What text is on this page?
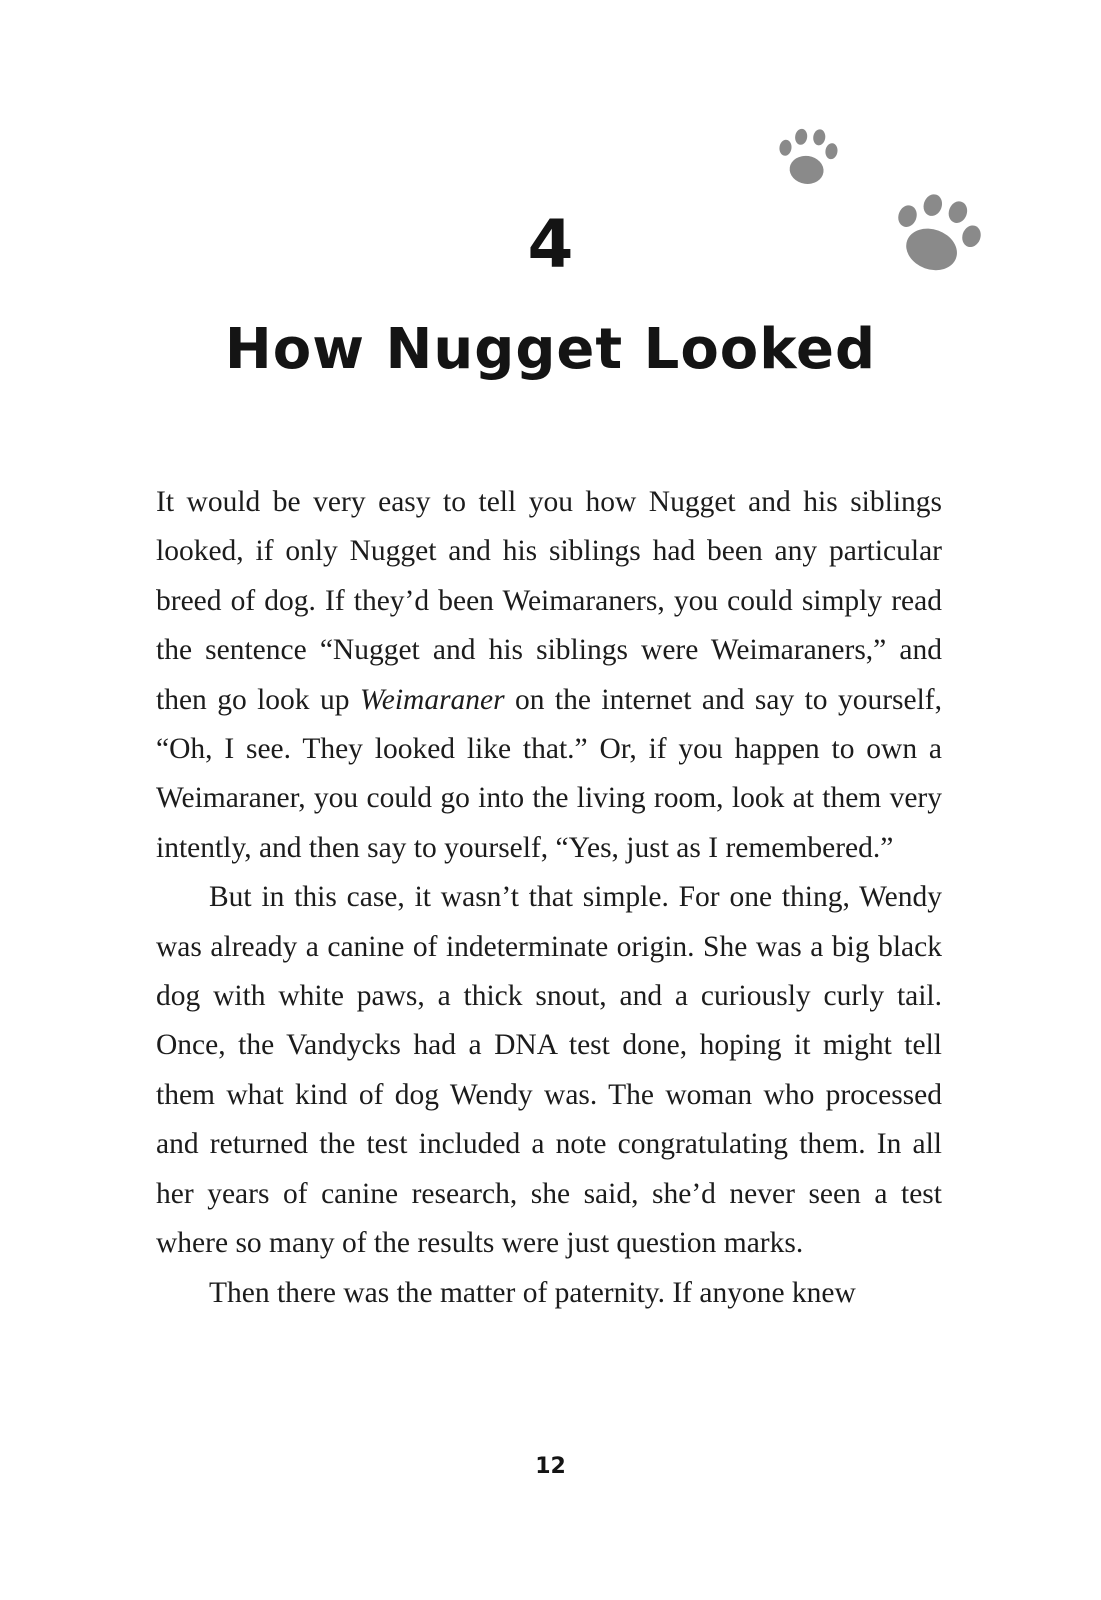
4
How Nugget Looked

It would be very easy to tell you how Nugget and his siblings looked, if only Nugget and his siblings had been any particular breed of dog. If they’d been Weimaraners, you could simply read the sentence “Nugget and his siblings were Weimaraners,” and then go look up Weimaraner on the internet and say to yourself, “Oh, I see. They looked like that.” Or, if you happen to own a Weimaraner, you could go into the living room, look at them very intently, and then say to yourself, “Yes, just as I remembered.”

But in this case, it wasn’t that simple. For one thing, Wendy was already a canine of indeterminate origin. She was a big black dog with white paws, a thick snout, and a curiously curly tail. Once, the Vandycks had a DNA test done, hoping it might tell them what kind of dog Wendy was. The woman who processed and returned the test included a note congratulating them. In all her years of canine research, she said, she’d never seen a test where so many of the results were just question marks.

Then there was the matter of paternity. If anyone knew

12
